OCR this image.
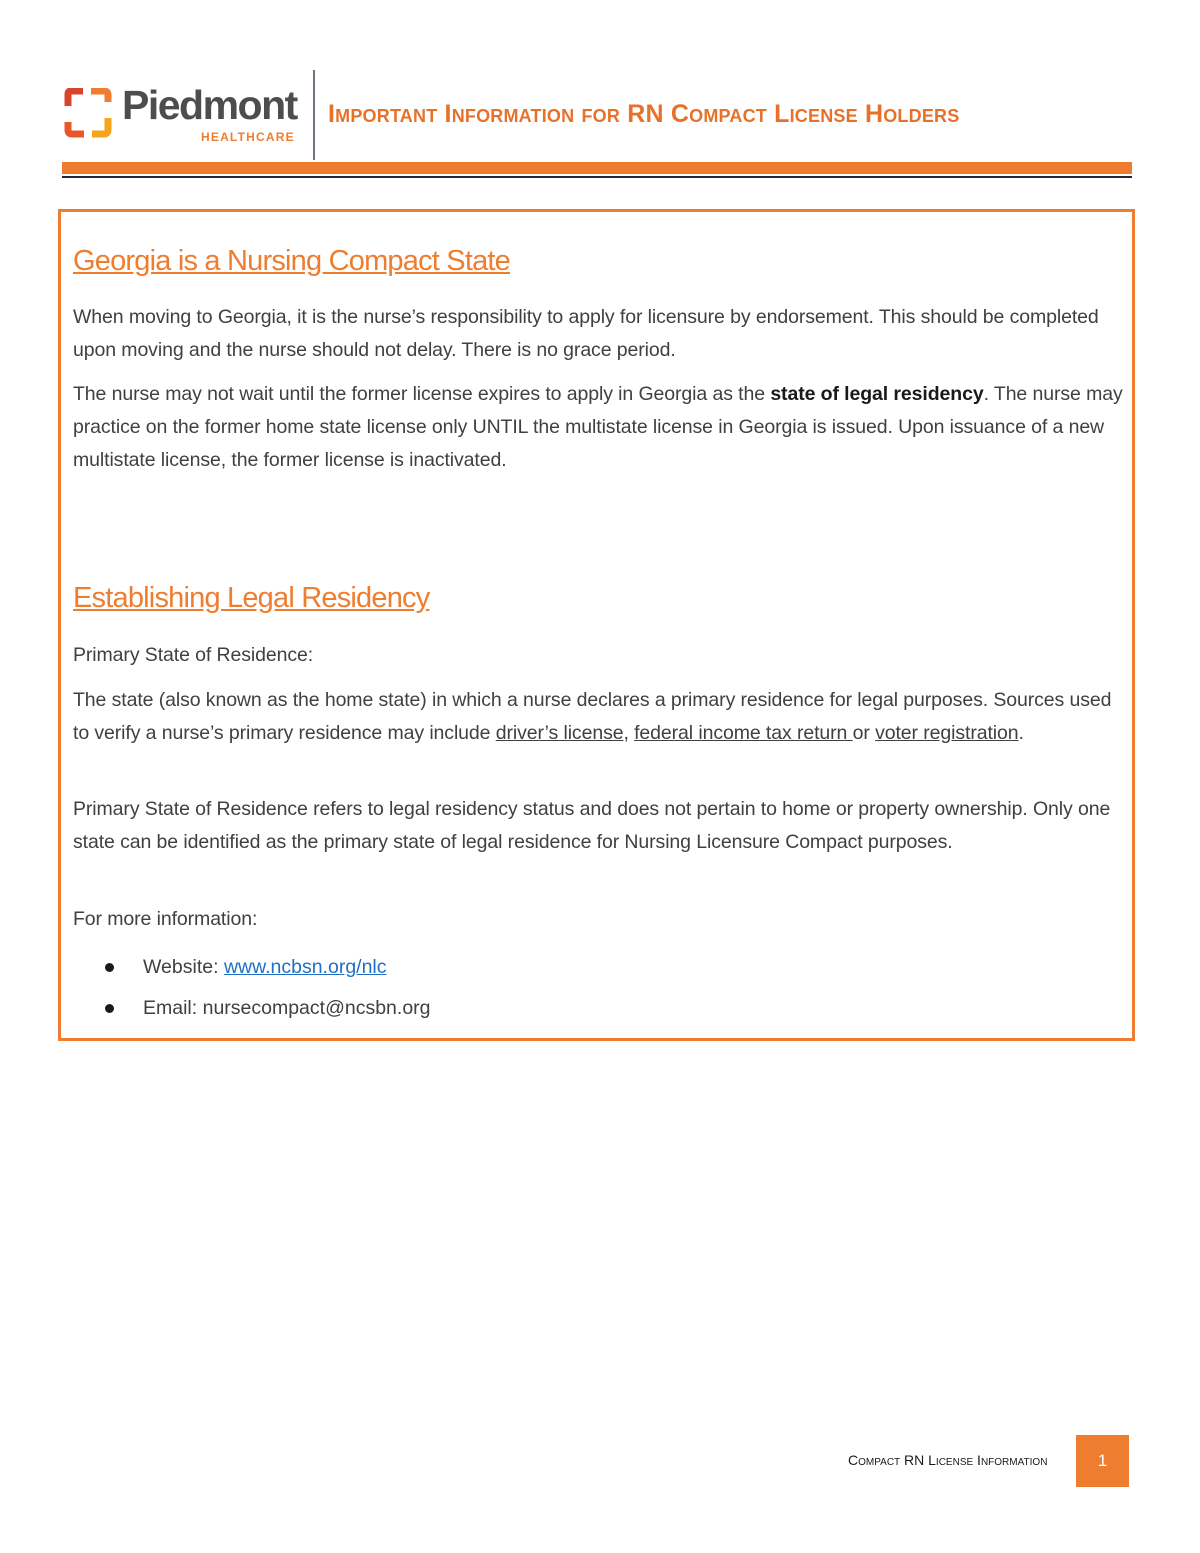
Piedmont
HEALTHCARE
Important Information for RN Compact License Holders
Georgia is a Nursing Compact State

When moving to Georgia, it is the nurse’s responsibility to apply for licensure by endorsement. This should be completed upon moving and the nurse should not delay. There is no grace period.

The nurse may not wait until the former license expires to apply in Georgia as the state of legal residency. The nurse may practice on the former home state license only UNTIL the multistate license in Georgia is issued. Upon issuance of a new multistate license, the former license is inactivated.

Establishing Legal Residency

Primary State of Residence:

The state (also known as the home state) in which a nurse declares a primary residence for legal purposes. Sources used to verify a nurse’s primary residence may include driver’s license, federal income tax return or voter registration.

Primary State of Residence refers to legal residency status and does not pertain to home or property ownership. Only one state can be identified as the primary state of legal residence for Nursing Licensure Compact purposes.

For more information:

Website: www.ncbsn.org/nlc
Email: nursecompact@ncsbn.org
Compact RN License Information	1
